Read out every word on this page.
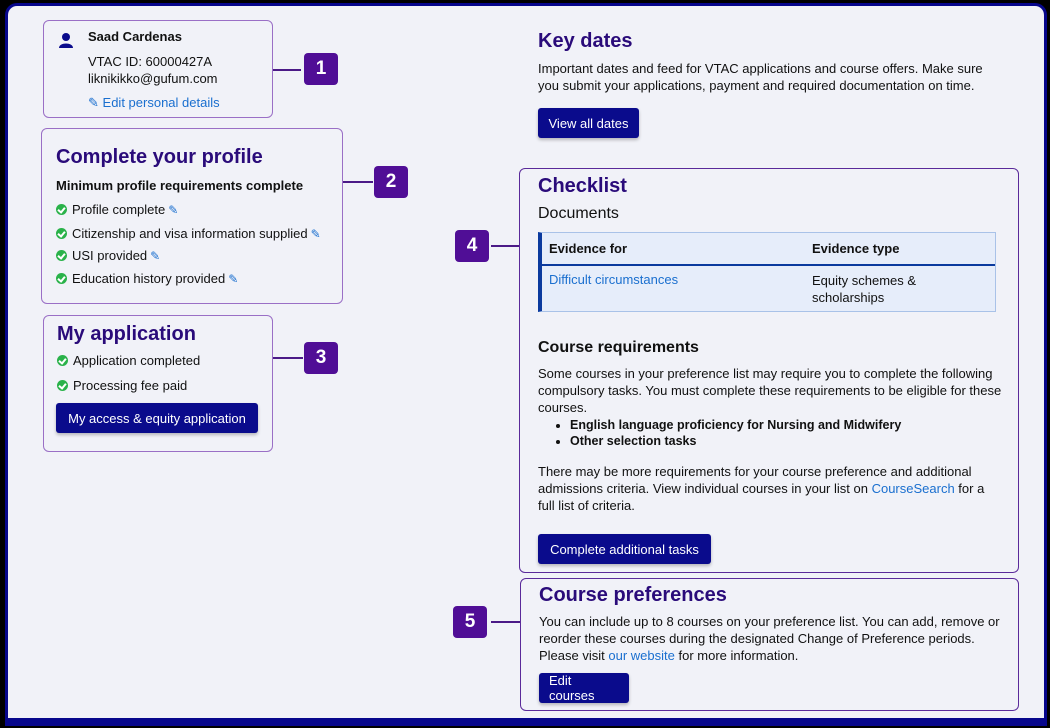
Saad Cardenas
VTAC ID: 60000427A
liknikikko@gufum.com
✎ Edit personal details
1
Complete your profile
Minimum profile requirements complete
Profile complete ✎
Citizenship and visa information supplied ✎
USI provided ✎
Education history provided ✎
2
My application
Application completed
Processing fee paid
My access & equity application
3
Key dates
Important dates and feed for VTAC applications and course offers. Make sure you submit your applications, payment and required documentation on time.
View all dates
Checklist
Documents
Evidence for	Evidence type
Difficult circumstances	Equity schemes & scholarships
Course requirements
Some courses in your preference list may require you to complete the following compulsory tasks. You must complete these requirements to be eligible for these courses.
• English language proficiency for Nursing and Midwifery
• Other selection tasks
There may be more requirements for your course preference and additional admissions criteria. View individual courses in your list on CourseSearch for a full list of criteria.
Complete additional tasks
4
Course preferences
You can include up to 8 courses on your preference list. You can add, remove or reorder these courses during the designated Change of Preference periods. Please visit our website for more information.
Edit courses
5
